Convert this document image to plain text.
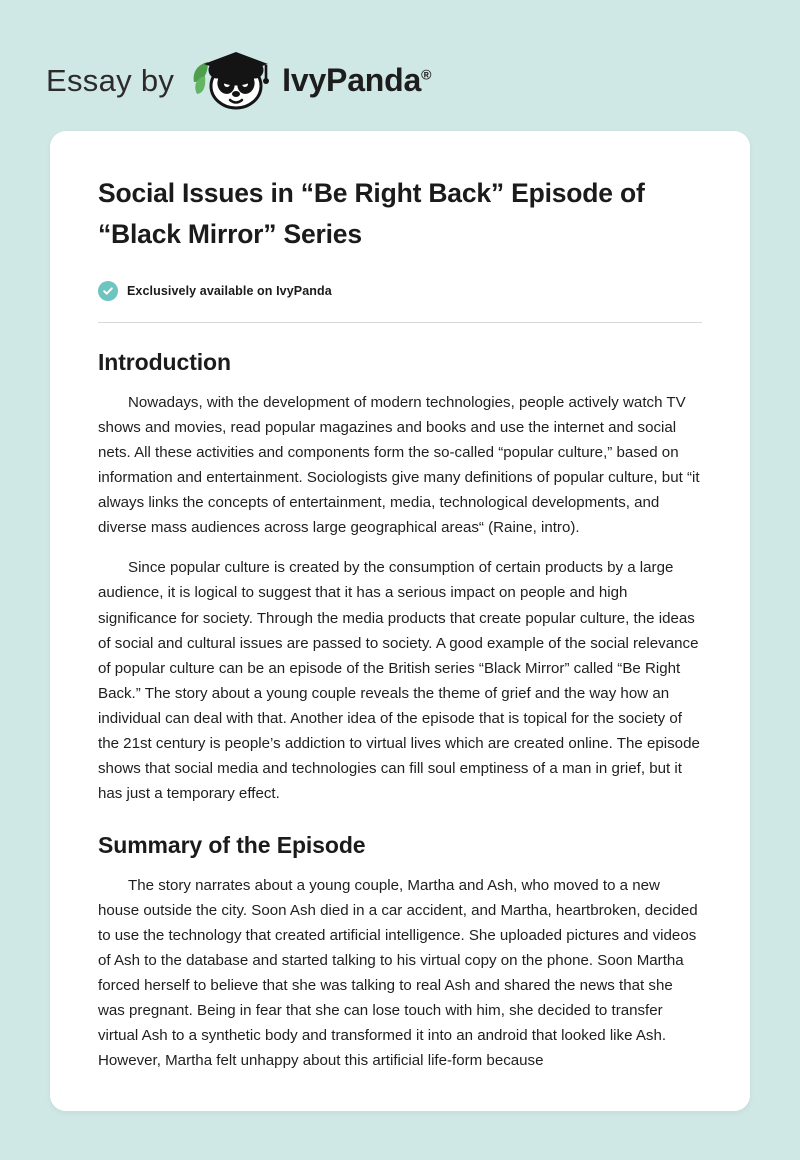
Essay by	IvyPanda®
Social Issues in “Be Right Back” Episode of “Black Mirror” Series
Exclusively available on IvyPanda
Introduction

Nowadays, with the development of modern technologies, people actively watch TV shows and movies, read popular magazines and books and use the internet and social nets. All these activities and components form the so-called “popular culture,” based on information and entertainment. Sociologists give many definitions of popular culture, but “it always links the concepts of entertainment, media, technological developments, and diverse mass audiences across large geographical areas“ (Raine, intro).

Since popular culture is created by the consumption of certain products by a large audience, it is logical to suggest that it has a serious impact on people and high significance for society. Through the media products that create popular culture, the ideas of social and cultural issues are passed to society. A good example of the social relevance of popular culture can be an episode of the British series “Black Mirror” called “Be Right Back.” The story about a young couple reveals the theme of grief and the way how an individual can deal with that. Another idea of the episode that is topical for the society of the 21st century is people’s addiction to virtual lives which are created online. The episode shows that social media and technologies can fill soul emptiness of a man in grief, but it has just a temporary effect.

Summary of the Episode

The story narrates about a young couple, Martha and Ash, who moved to a new house outside the city. Soon Ash died in a car accident, and Martha, heartbroken, decided to use the technology that created artificial intelligence. She uploaded pictures and videos of Ash to the database and started talking to his virtual copy on the phone. Soon Martha forced herself to believe that she was talking to real Ash and shared the news that she was pregnant. Being in fear that she can lose touch with him, she decided to transfer virtual Ash to a synthetic body and transformed it into an android that looked like Ash. However, Martha felt unhappy about this artificial life-form because
